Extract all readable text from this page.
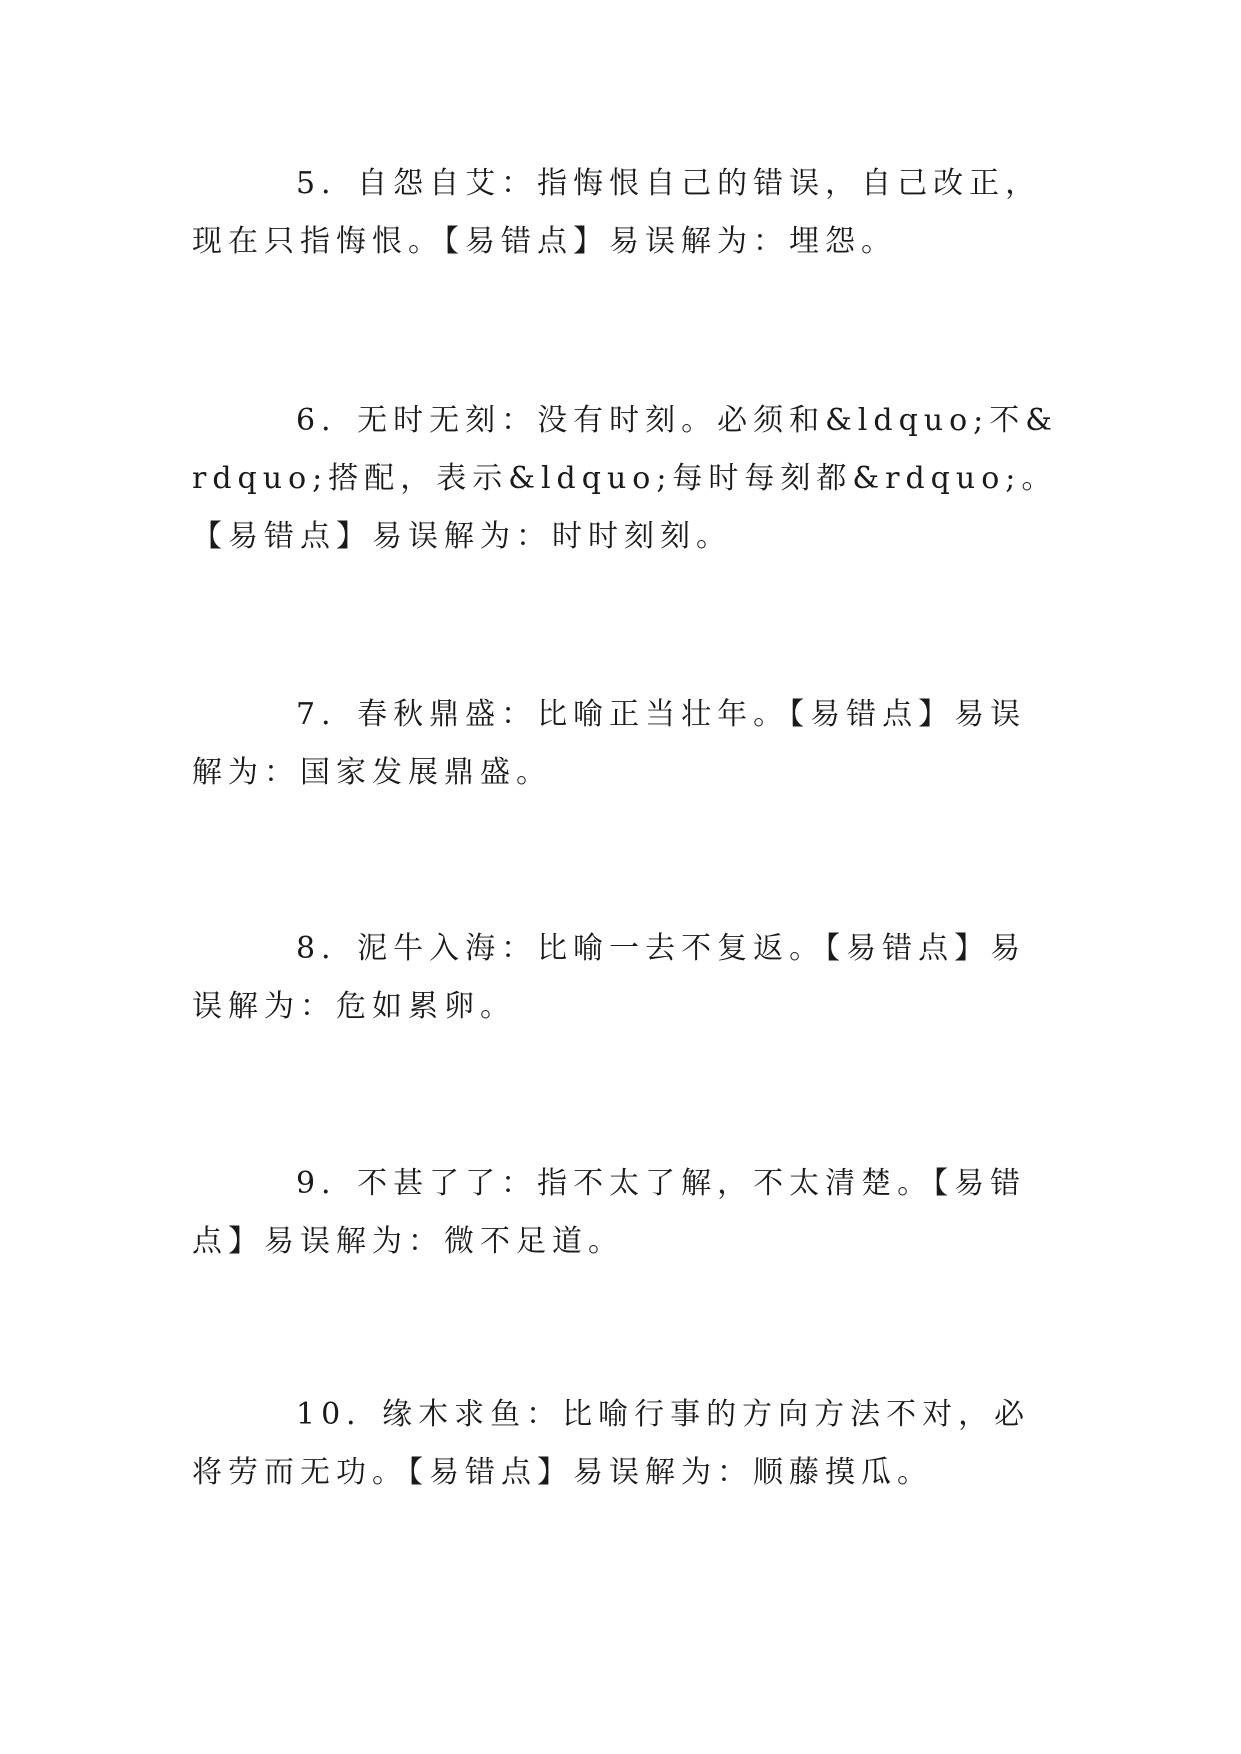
5．自怨自艾：指悔恨自己的错误，自己改正，现在只指悔恨。【易错点】易误解为：埋怨。

6．无时无刻：没有时刻。必须和&ldquo;不&rdquo;搭配，表示&ldquo;每时每刻都&rdquo;。【易错点】易误解为：时时刻刻。

7．春秋鼎盛：比喻正当壮年。【易错点】易误解为：国家发展鼎盛。

8．泥牛入海：比喻一去不复返。【易错点】易误解为：危如累卵。

9．不甚了了：指不太了解，不太清楚。【易错点】易误解为：微不足道。

10．缘木求鱼：比喻行事的方向方法不对，必将劳而无功。【易错点】易误解为：顺藤摸瓜。
